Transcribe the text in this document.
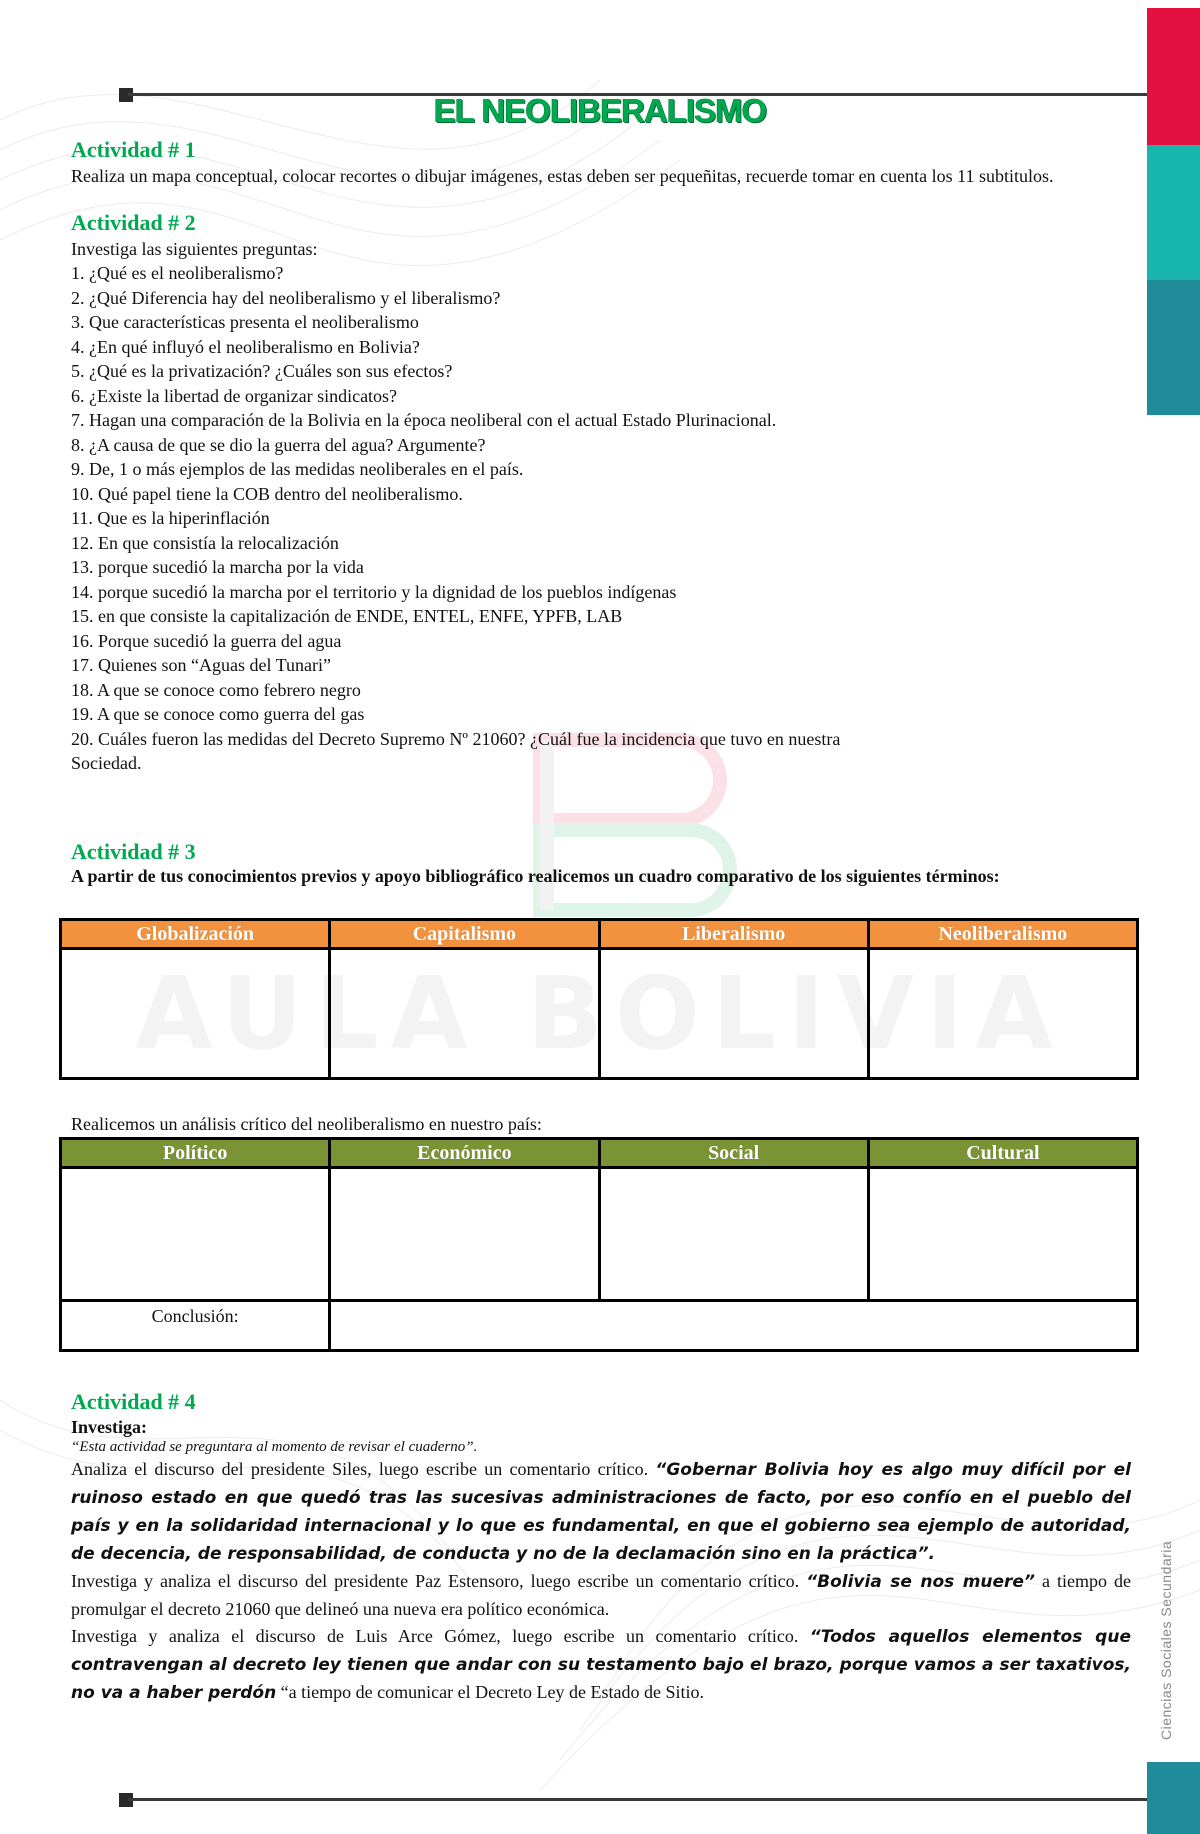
AULA BOLIVIA
Ciencias Sociales Secundaria
EL NEOLIBERALISMO
Actividad # 1

Realiza un mapa conceptual, colocar recortes o dibujar imágenes, estas deben ser pequeñitas, recuerde tomar en cuenta los 11 subtitulos.

Actividad # 2

Investiga las siguientes preguntas:

1. ¿Qué es el neoliberalismo?
2. ¿Qué Diferencia hay del neoliberalismo y el liberalismo?
3. Que características presenta el neoliberalismo
4. ¿En qué influyó el neoliberalismo en Bolivia?
5. ¿Qué es la privatización? ¿Cuáles son sus efectos?
6. ¿Existe la libertad de organizar sindicatos?
7. Hagan una comparación de la Bolivia en la época neoliberal con el actual Estado Plurinacional.
8. ¿A causa de que se dio la guerra del agua? Argumente?
9. De, 1 o más ejemplos de las medidas neoliberales en el país.
10. Qué papel tiene la COB dentro del neoliberalismo.
11. Que es la hiperinflación
12. En que consistía la relocalización
13. porque sucedió la marcha por la vida
14. porque sucedió la marcha por el territorio y la dignidad de los pueblos indígenas
15. en que consiste la capitalización de ENDE, ENTEL, ENFE, YPFB, LAB
16. Porque sucedió la guerra del agua
17. Quienes son “Aguas del Tunari”
18. A que se conoce como febrero negro
19. A que se conoce como guerra del gas
20. Cuáles fueron las medidas del Decreto Supremo Nº 21060? ¿Cuál fue la incidencia que tuvo en nuestra
Sociedad.
Actividad # 3

A partir de tus conocimientos previos y apoyo bibliográfico realicemos un cuadro comparativo de los siguientes términos:

Globalización	Capitalismo	Liberalismo	Neoliberalismo

Realicemos un análisis crítico del neoliberalismo en nuestro país:

Político	Económico	Social	Cultural

Conclusión:			
Actividad # 4

Investiga:

“Esta actividad se preguntara al momento de revisar el cuaderno”.

Analiza el discurso del presidente Siles, luego escribe un comentario crítico. “Gobernar Bolivia hoy es algo muy difícil por el ruinoso estado en que quedó tras las sucesivas administraciones de facto, por eso confío en el pueblo del país y en la solidaridad internacional y lo que es fundamental, en que el gobierno sea ejemplo de autoridad, de decencia, de responsabilidad, de conducta y no de la declamación sino en la práctica”.

Investiga y analiza el discurso del presidente Paz Estensoro, luego escribe un comentario crítico. “Bolivia se nos muere” a tiempo de promulgar el decreto 21060 que delineó una nueva era político económica.

Investiga y analiza el discurso de Luis Arce Gómez, luego escribe un comentario crítico. “Todos aquellos elementos que contravengan al decreto ley tienen que andar con su testamento bajo el brazo, porque vamos a ser taxativos, no va a haber perdón “a tiempo de comunicar el Decreto Ley de Estado de Sitio.
